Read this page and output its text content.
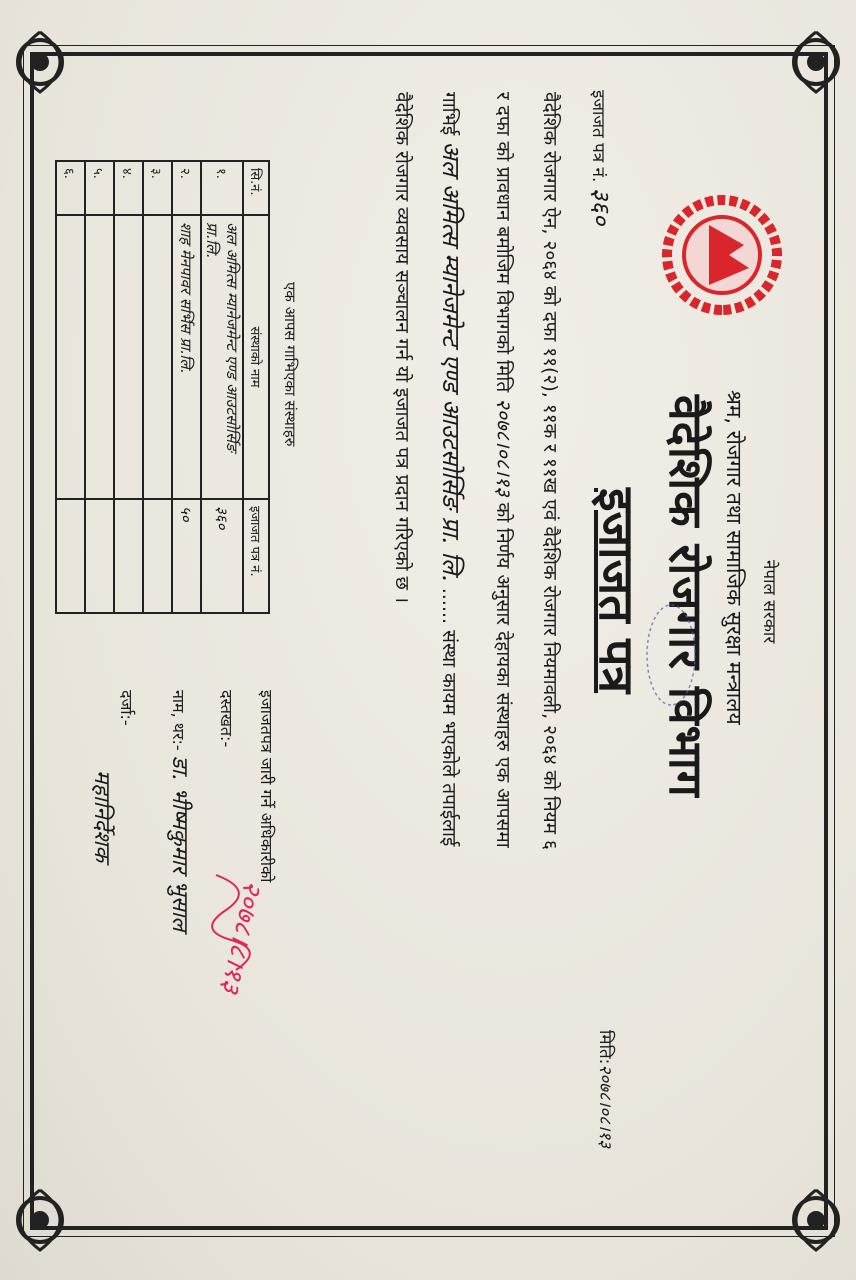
नेपाल सरकार
श्रम, रोजगार तथा सामाजिक सुरक्षा मन्त्रालय
वैदेशिक रोजगार विभाग
इजाजत पत्र
इजाजत पत्र नं. ३६०
मिति:२०७८।०८।१३
वैदेशिक रोजगार ऐन, २०६४ को दफा ११(२), ११क र ११ख एवं वैदेशिक रोजगार नियमावली, २०६४ को नियम ६
र दफा को प्रावधान बमोजिम विभागको मिति २०७८।०८।१३ को निर्णय अनुसार देहायका संस्थाहरु एक आपसमा
गाभिई अल अमित्स म्यानेजमेन्ट एण्ड आउटसोर्सिङ प्रा. लि. ...... संस्था कायम भएकोले तपाईलाई
वैदेशिक रोजगार व्यवसाय सञ्चालन गर्न यो इजाजत पत्र प्रदान गरिएको छ ।
एक आपस गाभिएका संस्थाहरु
सि.नं.	संस्थाको नाम	इजाजत पत्र नं.
१.	अल अमित्स म्यानेजमेन्ट एण्ड आउटसोर्सिङ प्रा.लि.	३६०
२.	शाह मेनपावर सर्भिस प्रा.लि.	५०
३.		
४.		
५.		
६.		
इजाजतपत्र जारी गर्ने अधिकारीको
दस्तखत:-
नाम, थर:- डा. भीष्मकुमार भुसाल
दर्जा:-
महानिर्देशक
२०७८।८।१३
